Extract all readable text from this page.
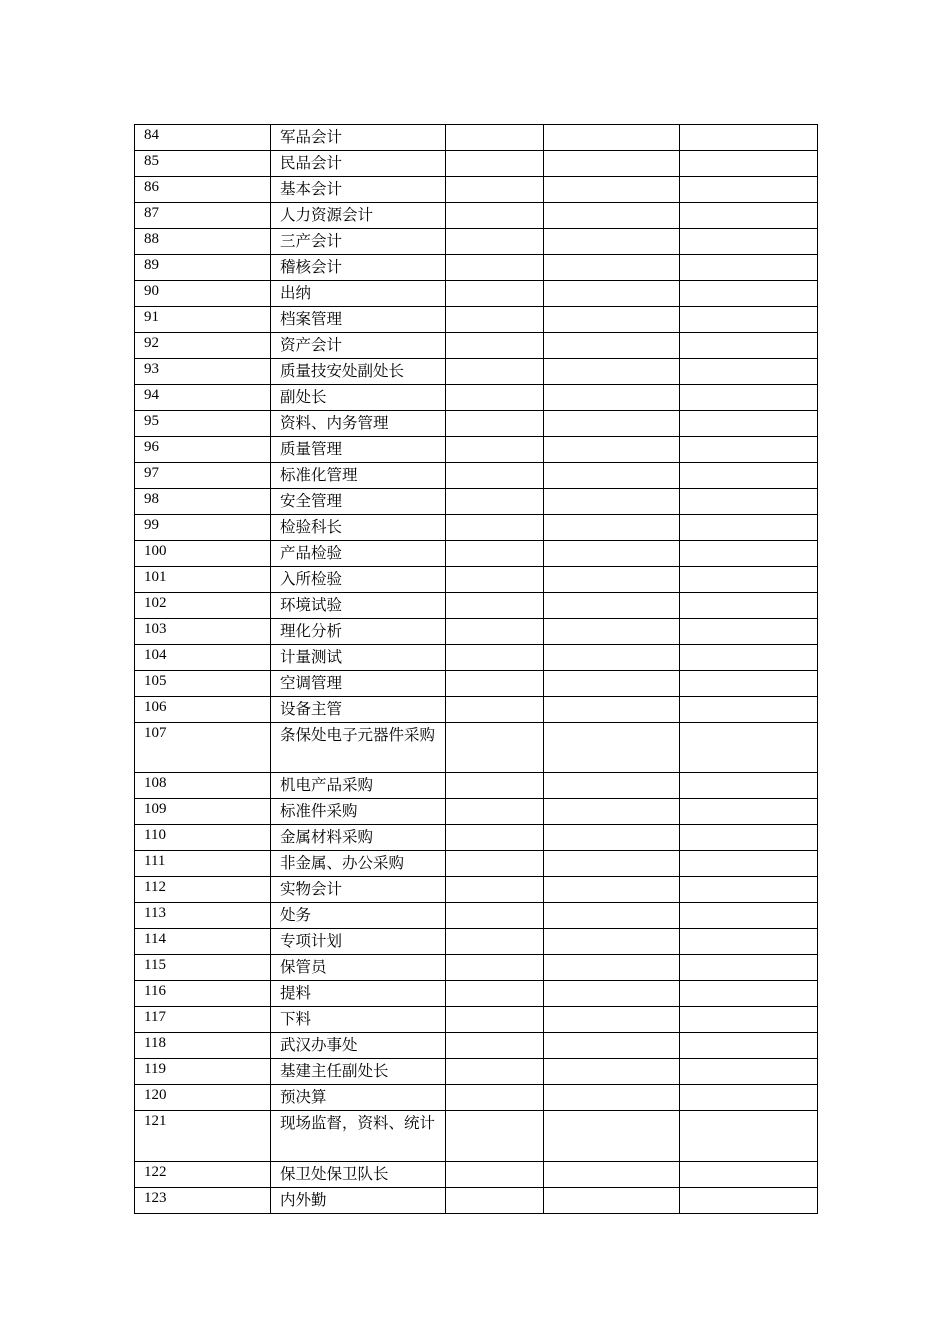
84	军品会计			
85	民品会计			
86	基本会计			
87	人力资源会计			
88	三产会计			
89	稽核会计			
90	出纳			
91	档案管理			
92	资产会计			
93	质量技安处副处长			
94	副处长			
95	资料、内务管理			
96	质量管理			
97	标准化管理			
98	安全管理			
99	检验科长			
100	产品检验			
101	入所检验			
102	环境试验			
103	理化分析			
104	计量测试			
105	空调管理			
106	设备主管			
107	条保处电子元器件采购			
108	机电产品采购			
109	标准件采购			
110	金属材料采购			
111	非金属、办公采购			
112	实物会计			
113	处务			
114	专项计划			
115	保管员			
116	提料			
117	下料			
118	武汉办事处			
119	基建主任副处长			
120	预决算			
121	现场监督，资料、统计			
122	保卫处保卫队长			
123	内外勤			
